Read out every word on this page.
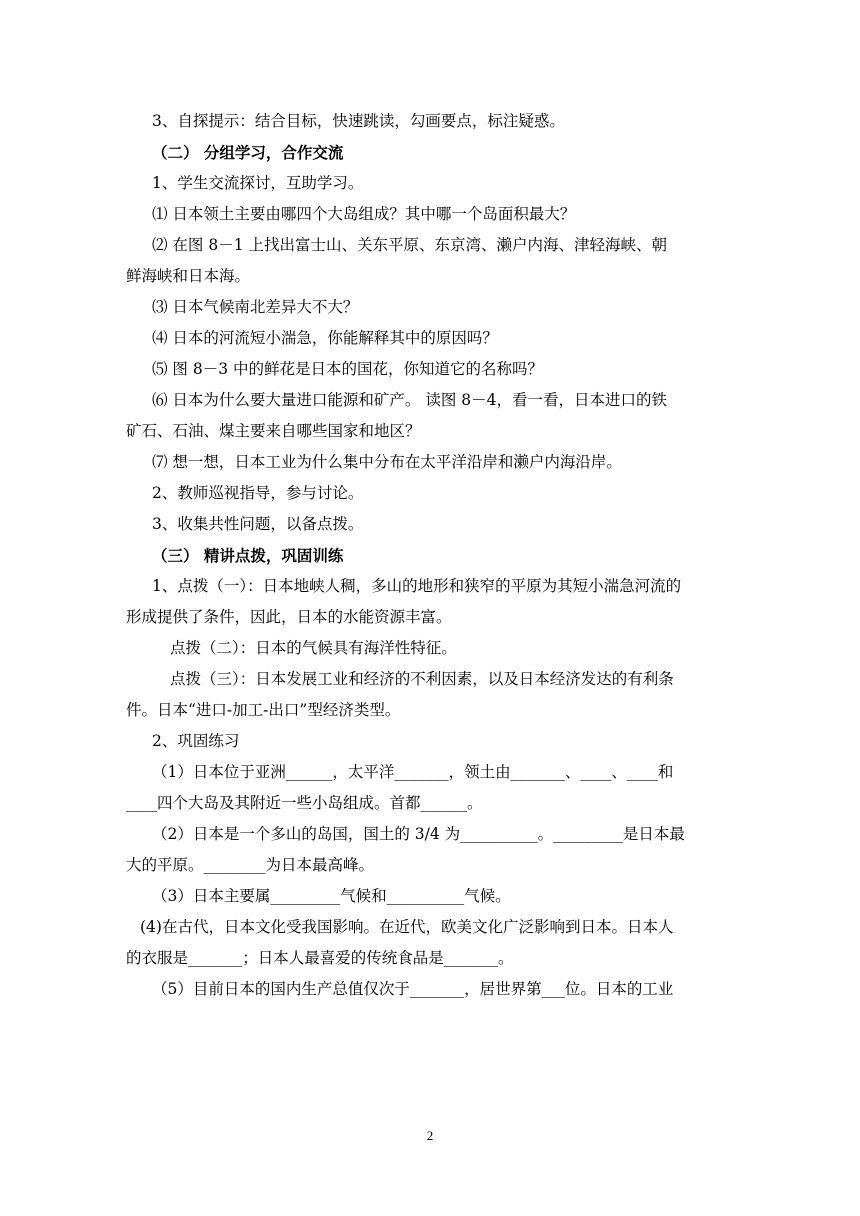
3、自探提示：结合目标，快速跳读，勾画要点，标注疑惑。
（二） 分组学习，合作交流
1、学生交流探讨，互助学习。
⑴ 日本领土主要由哪四个大岛组成？其中哪一个岛面积最大？
⑵ 在图 8－1 上找出富士山、关东平原、东京湾、濑户内海、津轻海峡、朝
鲜海峡和日本海。
⑶ 日本气候南北差异大不大？
⑷ 日本的河流短小湍急，你能解释其中的原因吗？
⑸ 图 8－3 中的鲜花是日本的国花，你知道它的名称吗？
⑹ 日本为什么要大量进口能源和矿产。 读图 8－4，看一看，日本进口的铁
矿石、石油、煤主要来自哪些国家和地区？
⑺ 想一想，日本工业为什么集中分布在太平洋沿岸和濑户内海沿岸。
2、教师巡视指导，参与讨论。
3、收集共性问题，以备点拨。
（三） 精讲点拨，巩固训练
1、点拨（一）：日本地峡人稠，多山的地形和狭窄的平原为其短小湍急河流的
形成提供了条件，因此，日本的水能资源丰富。
点拨（二）：日本的气候具有海洋性特征。
点拨（三）：日本发展工业和经济的不利因素，以及日本经济发达的有利条
件。日本“进口-加工-出口”型经济类型。
2、巩固练习
（1）日本位于亚洲______，太平洋_______，领土由_______、____、____和
____四个大岛及其附近一些小岛组成。首都______。
（2）日本是一个多山的岛国，国土的 3/4 为__________。_________是日本最
大的平原。________为日本最高峰。
（3）日本主要属_________气候和__________气候。
(4)在古代，日本文化受我国影响。在近代，欧美文化广泛影响到日本。日本人
的衣服是_______；日本人最喜爱的传统食品是_______。
（5）目前日本的国内生产总值仅次于_______，居世界第___位。日本的工业
2
